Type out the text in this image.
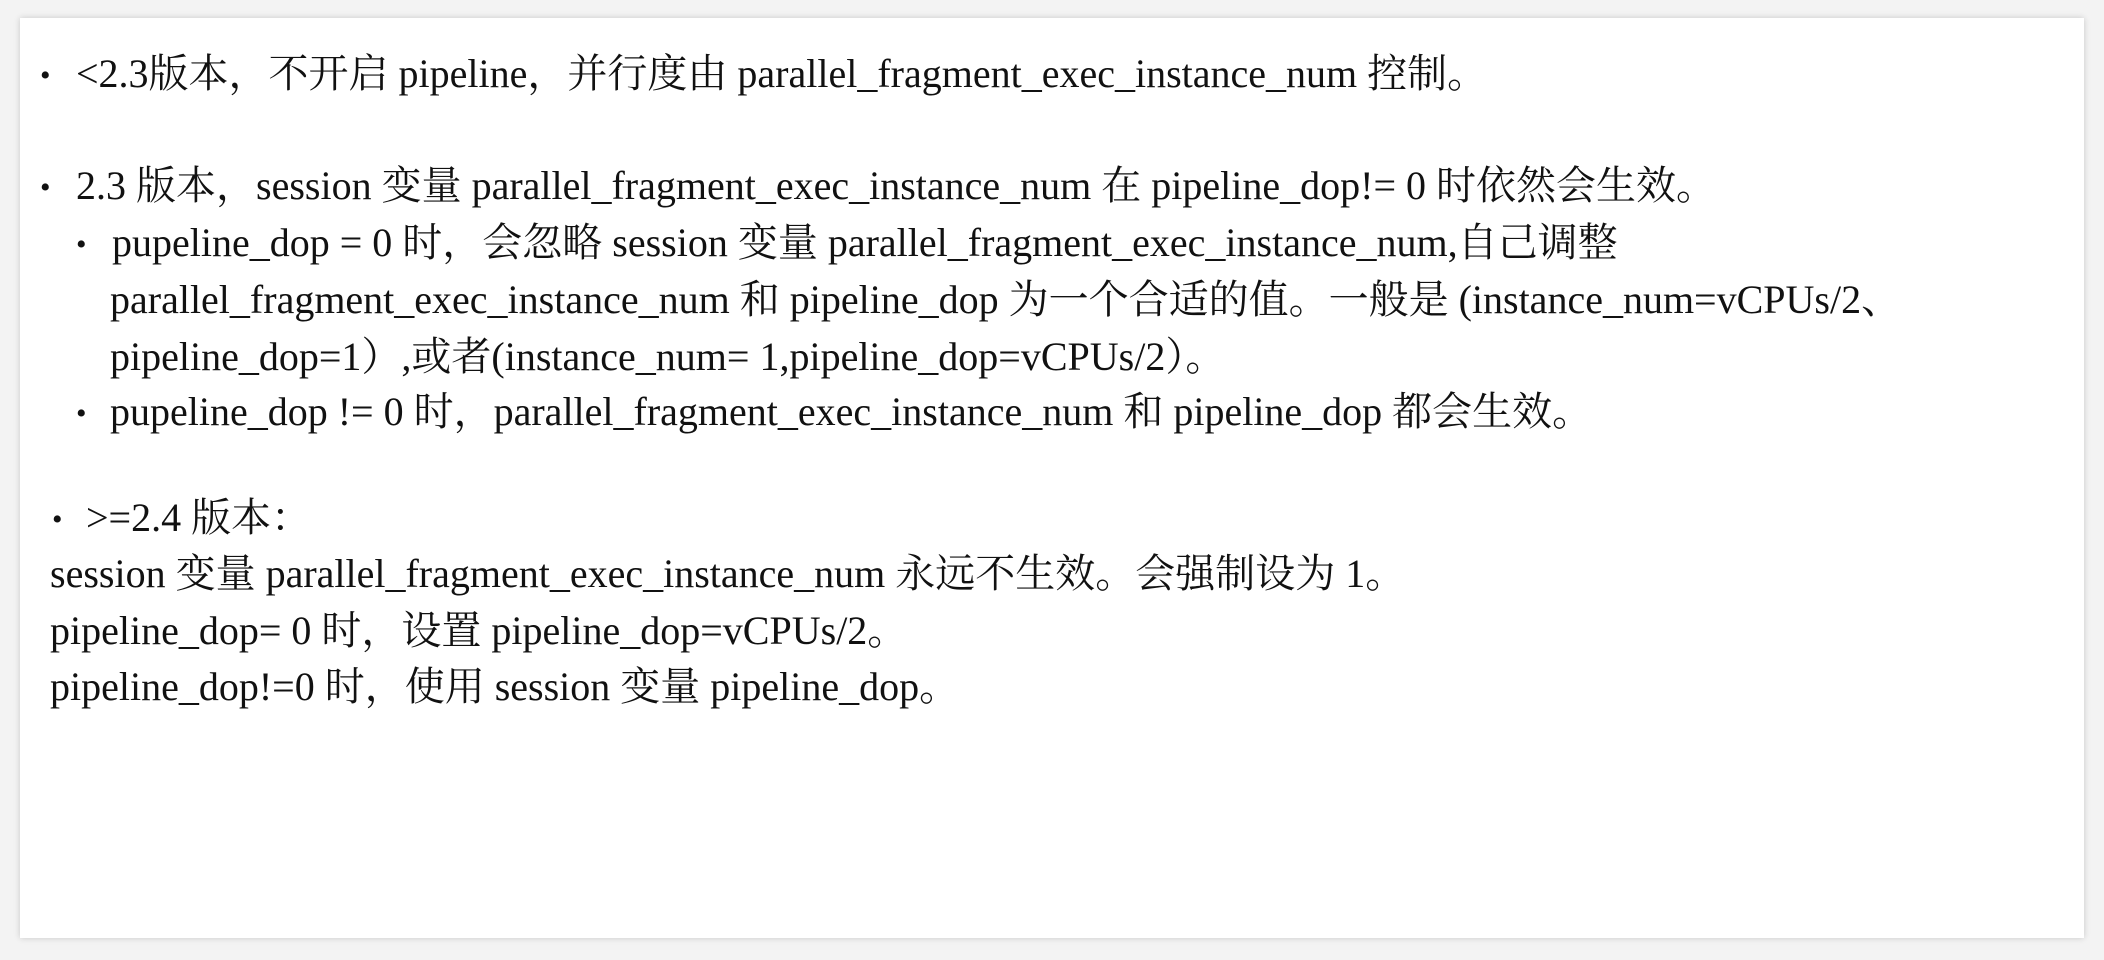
• <2.3版本，不开启 pipeline，并行度由 parallel_fragment_exec_instance_num 控制。
• 2.3 版本，session 变量 parallel_fragment_exec_instance_num 在 pipeline_dop!= 0 时依然会生效。
• pupeline_dop = 0 时，会忽略 session 变量 parallel_fragment_exec_instance_num,自己调整
parallel_fragment_exec_instance_num 和 pipeline_dop 为一个合适的值。一般是 (instance_num=vCPUs/2、
pipeline_dop=1）,或者(instance_num= 1,pipeline_dop=vCPUs/2）。
• pupeline_dop != 0 时，parallel_fragment_exec_instance_num 和 pipeline_dop 都会生效。
• >=2.4 版本：
session 变量 parallel_fragment_exec_instance_num 永远不生效。会强制设为 1。
pipeline_dop= 0 时，设置 pipeline_dop=vCPUs/2。
pipeline_dop!=0 时，使用 session 变量 pipeline_dop。
